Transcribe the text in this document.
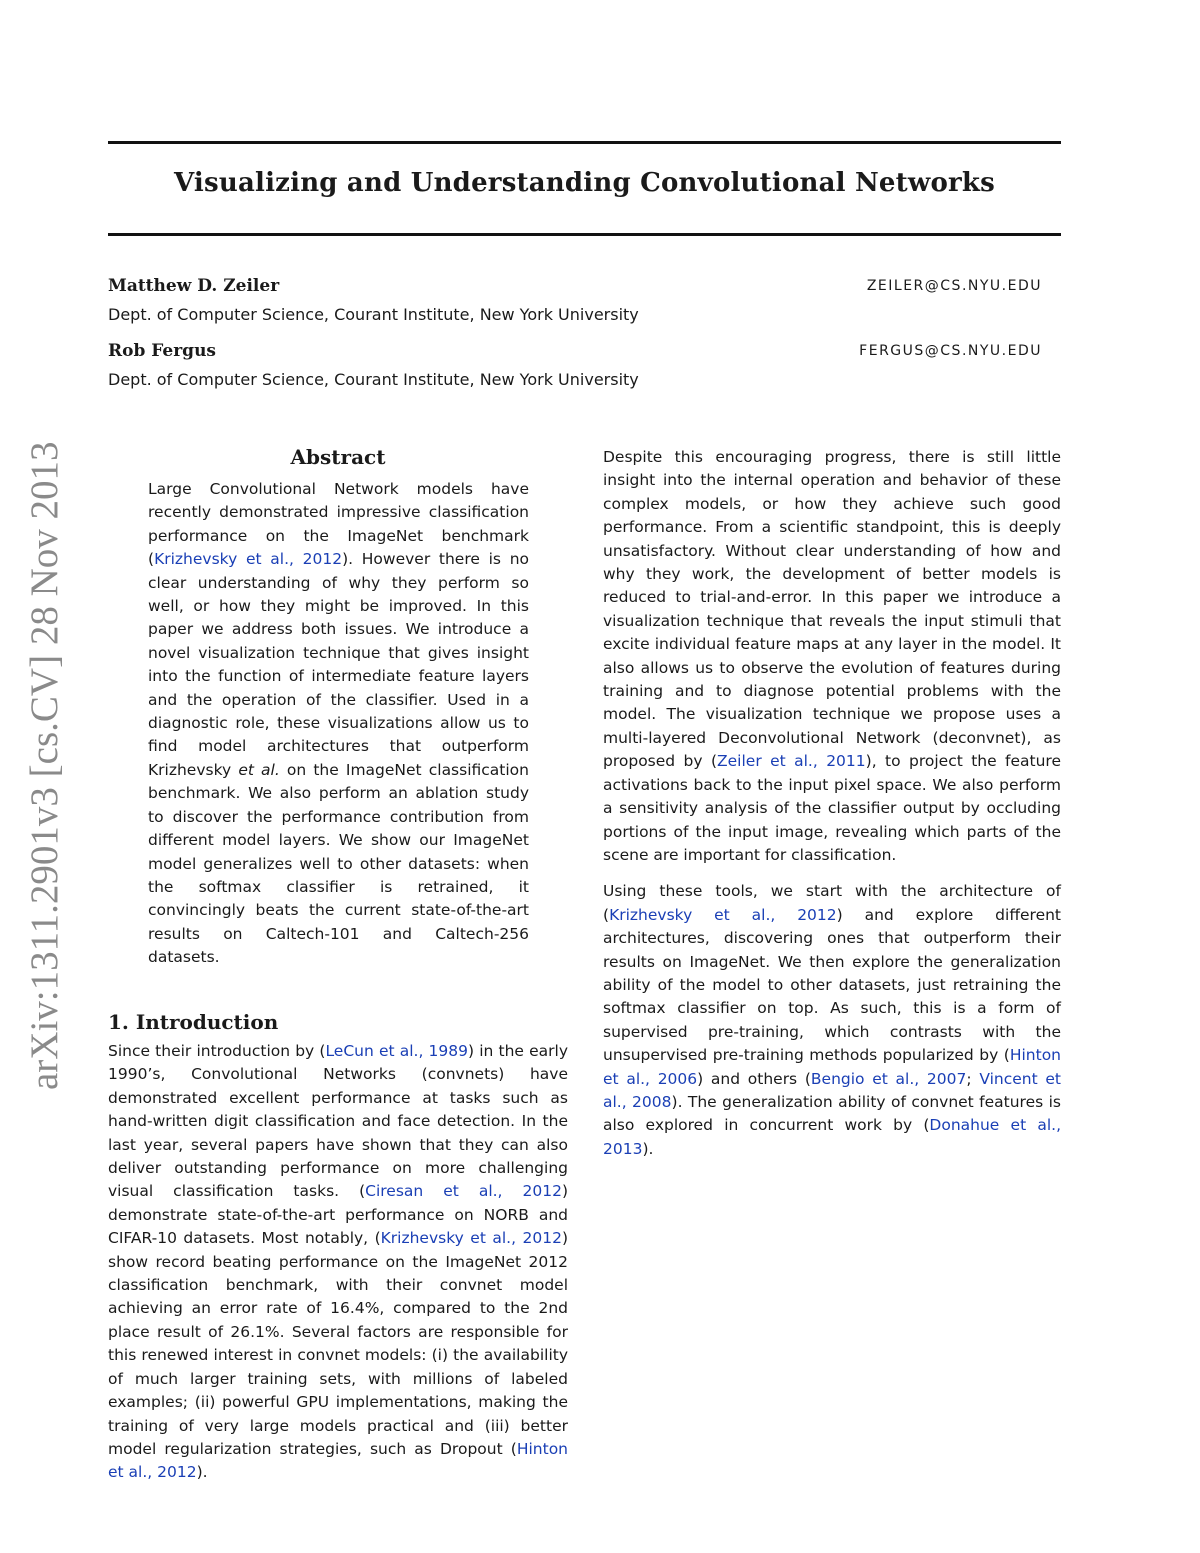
arXiv:1311.2901v3 [cs.CV] 28 Nov 2013
Visualizing and Understanding Convolutional Networks
Matthew D. Zeiler	ZEILER@CS.NYU.EDU
Dept. of Computer Science, Courant Institute, New York University
Rob Fergus	FERGUS@CS.NYU.EDU
Dept. of Computer Science, Courant Institute, New York University
Abstract
Large Convolutional Network models have recently demonstrated impressive classification performance on the ImageNet benchmark (Krizhevsky et al., 2012). However there is no clear understanding of why they perform so well, or how they might be improved. In this paper we address both issues. We introduce a novel visualization technique that gives insight into the function of intermediate feature layers and the operation of the classifier. Used in a diagnostic role, these visualizations allow us to find model architectures that outperform Krizhevsky et al. on the ImageNet classification benchmark. We also perform an ablation study to discover the performance contribution from different model layers. We show our ImageNet model generalizes well to other datasets: when the softmax classifier is retrained, it convincingly beats the current state-of-the-art results on Caltech-101 and Caltech-256 datasets.
1. Introduction
Since their introduction by (LeCun et al., 1989) in the early 1990’s, Convolutional Networks (convnets) have demonstrated excellent performance at tasks such as hand-written digit classification and face detection. In the last year, several papers have shown that they can also deliver outstanding performance on more challenging visual classification tasks. (Ciresan et al., 2012) demonstrate state-of-the-art performance on NORB and CIFAR-10 datasets. Most notably, (Krizhevsky et al., 2012) show record beating performance on the ImageNet 2012 classification benchmark, with their convnet model achieving an error rate of 16.4%, compared to the 2nd place result of 26.1%. Several factors are responsible for this renewed interest in convnet models: (i) the availability of much larger training sets, with millions of labeled examples; (ii) powerful GPU implementations, making the training of very large models practical and (iii) better model regularization strategies, such as Dropout (Hinton et al., 2012).

Despite this encouraging progress, there is still little insight into the internal operation and behavior of these complex models, or how they achieve such good performance. From a scientific standpoint, this is deeply unsatisfactory. Without clear understanding of how and why they work, the development of better models is reduced to trial-and-error. In this paper we introduce a visualization technique that reveals the input stimuli that excite individual feature maps at any layer in the model. It also allows us to observe the evolution of features during training and to diagnose potential problems with the model. The visualization technique we propose uses a multi-layered Deconvolutional Network (deconvnet), as proposed by (Zeiler et al., 2011), to project the feature activations back to the input pixel space. We also perform a sensitivity analysis of the classifier output by occluding portions of the input image, revealing which parts of the scene are important for classification.

Using these tools, we start with the architecture of (Krizhevsky et al., 2012) and explore different architectures, discovering ones that outperform their results on ImageNet. We then explore the generalization ability of the model to other datasets, just retraining the softmax classifier on top. As such, this is a form of supervised pre-training, which contrasts with the unsupervised pre-training methods popularized by (Hinton et al., 2006) and others (Bengio et al., 2007; Vincent et al., 2008). The generalization ability of convnet features is also explored in concurrent work by (Donahue et al., 2013).
